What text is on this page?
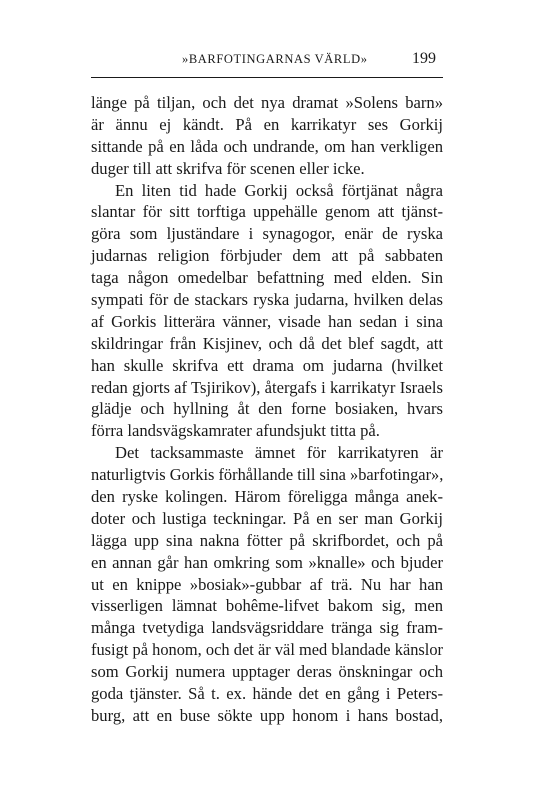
»BARFOTINGARNAS VÄRLD»	199
länge på tiljan, och det nya dramat »Solens barn»
är ännu ej kändt. På en karrikatyr ses Gorkij
sittande på en låda och undrande, om han verkligen
duger till att skrifva för scenen eller icke.
En liten tid hade Gorkij också förtjänat några
slantar för sitt torftiga uppehälle genom att tjänst-
göra som ljuständare i synagogor, enär de ryska
judarnas religion förbjuder dem att på sabbaten
taga någon omedelbar befattning med elden. Sin
sympati för de stackars ryska judarna, hvilken delas
af Gorkis litterära vänner, visade han sedan i sina
skildringar från Kisjinev, och då det blef sagdt, att
han skulle skrifva ett drama om judarna (hvilket
redan gjorts af Tsjirikov), återgafs i karrikatyr Israels
glädje och hyllning åt den forne bosiaken, hvars
förra landsvägskamrater afundsjukt titta på.
Det tacksammaste ämnet för karrikatyren är
naturligtvis Gorkis förhållande till sina »barfotingar»,
den ryske kolingen. Härom föreligga många anek-
doter och lustiga teckningar. På en ser man Gorkij
lägga upp sina nakna fötter på skrifbordet, och på
en annan går han omkring som »knalle» och bjuder
ut en knippe »bosiak»-gubbar af trä. Nu har han
visserligen lämnat bohême-lifvet bakom sig, men
många tvetydiga landsvägsriddare tränga sig fram-
fusigt på honom, och det är väl med blandade känslor
som Gorkij numera upptager deras önskningar och
goda tjänster. Så t. ex. hände det en gång i Peters-
burg, att en buse sökte upp honom i hans bostad,
